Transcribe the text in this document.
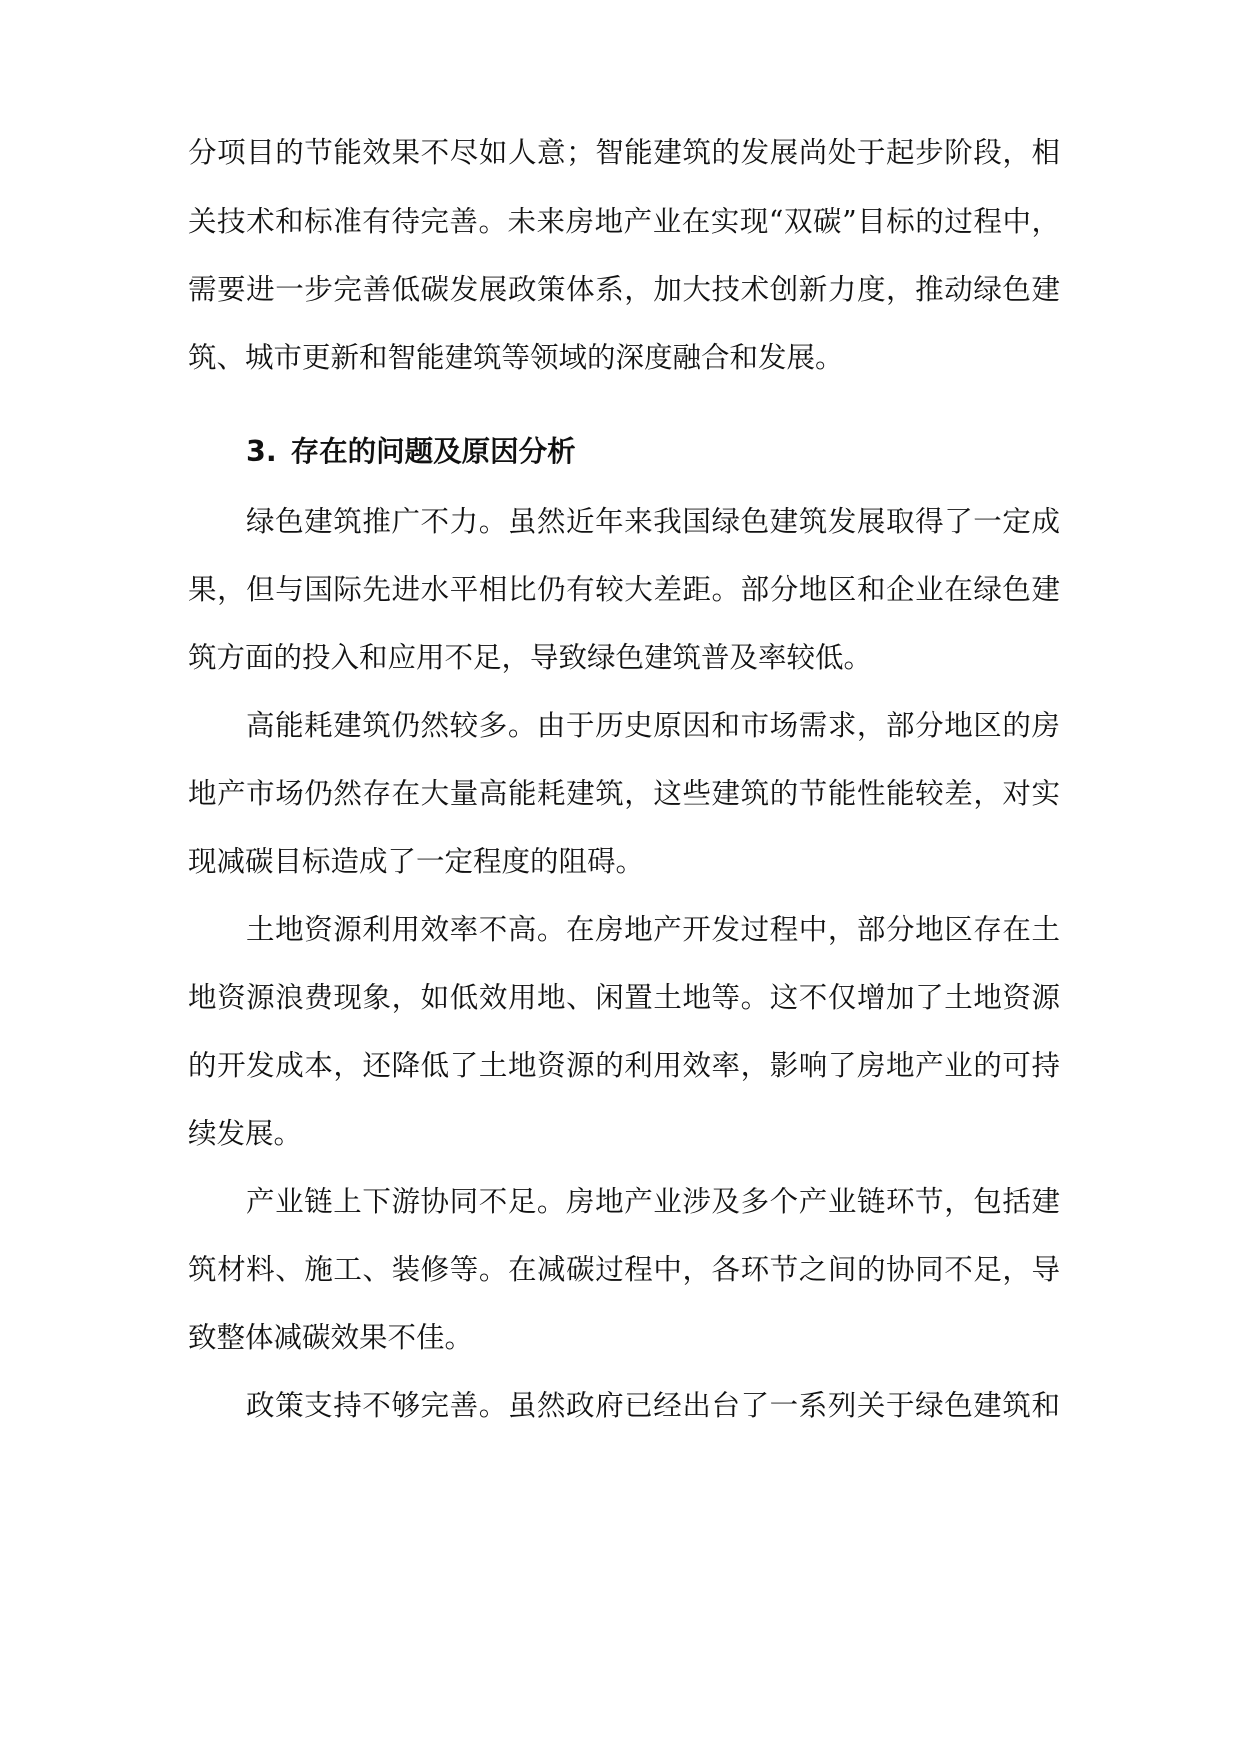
分项目的节能效果不尽如人意；智能建筑的发展尚处于起步阶段，相
关技术和标准有待完善。未来房地产业在实现“双碳”目标的过程中，
需要进一步完善低碳发展政策体系，加大技术创新力度，推动绿色建
筑、城市更新和智能建筑等领域的深度融合和发展。
3. 存在的问题及原因分析
绿色建筑推广不力。虽然近年来我国绿色建筑发展取得了一定成
果，但与国际先进水平相比仍有较大差距。部分地区和企业在绿色建
筑方面的投入和应用不足，导致绿色建筑普及率较低。
高能耗建筑仍然较多。由于历史原因和市场需求，部分地区的房
地产市场仍然存在大量高能耗建筑，这些建筑的节能性能较差，对实
现减碳目标造成了一定程度的阻碍。
土地资源利用效率不高。在房地产开发过程中，部分地区存在土
地资源浪费现象，如低效用地、闲置土地等。这不仅增加了土地资源
的开发成本，还降低了土地资源的利用效率，影响了房地产业的可持
续发展。
产业链上下游协同不足。房地产业涉及多个产业链环节，包括建
筑材料、施工、装修等。在减碳过程中，各环节之间的协同不足，导
致整体减碳效果不佳。
政策支持不够完善。虽然政府已经出台了一系列关于绿色建筑和
